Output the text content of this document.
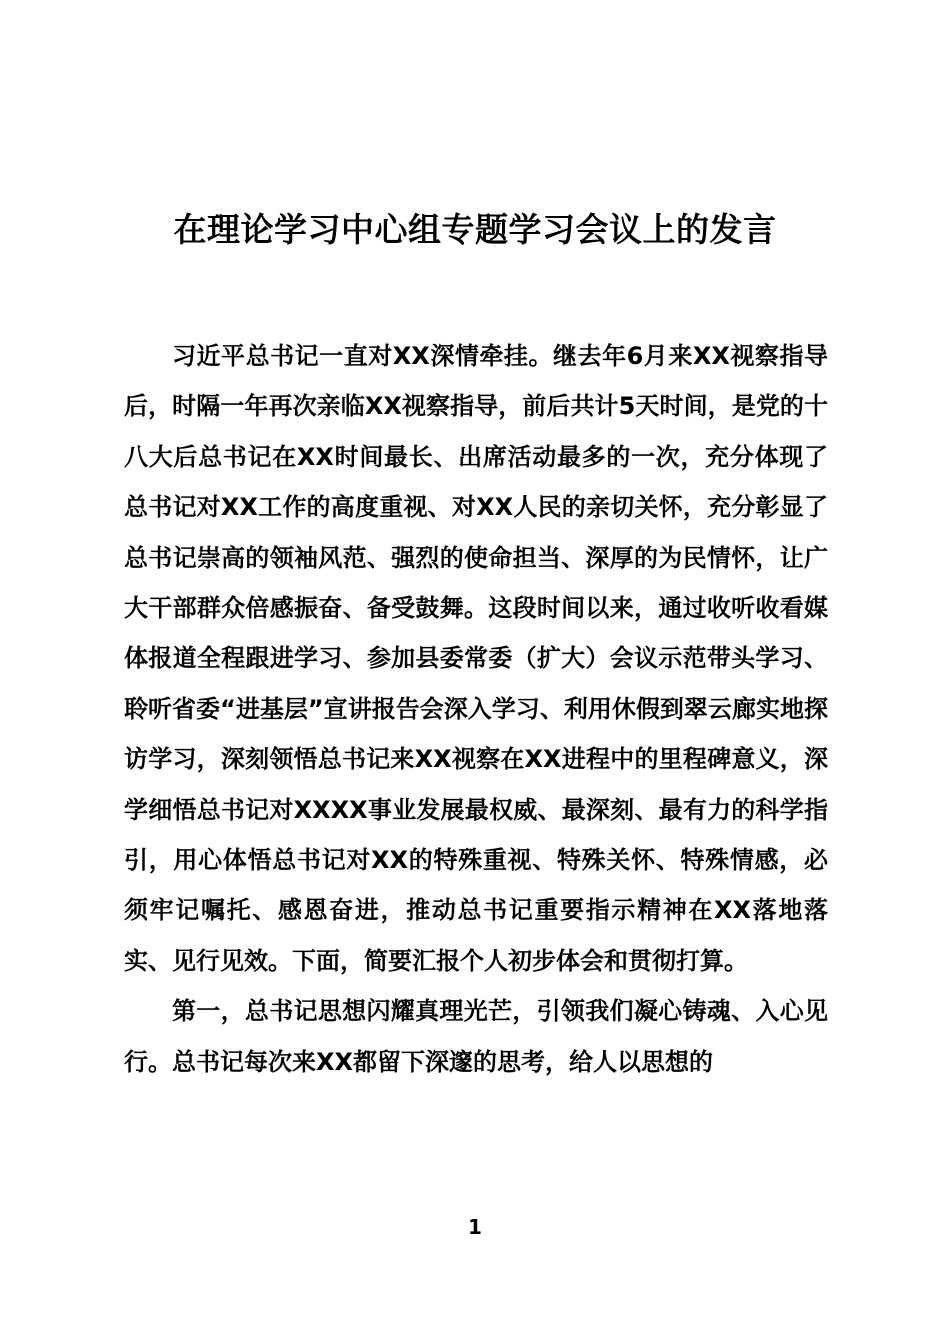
在理论学习中心组专题学习会议上的发言

习近平总书记一直对XX深情牵挂。继去年6月来XX视察指导后，时隔一年再次亲临XX视察指导，前后共计5天时间，是党的十八大后总书记在XX时间最长、出席活动最多的一次，充分体现了总书记对XX工作的高度重视、对XX人民的亲切关怀，充分彰显了总书记崇高的领袖风范、强烈的使命担当、深厚的为民情怀，让广大干部群众倍感振奋、备受鼓舞。这段时间以来，通过收听收看媒体报道全程跟进学习、参加县委常委（扩大）会议示范带头学习、聆听省委“进基层”宣讲报告会深入学习、利用休假到翠云廊实地探访学习，深刻领悟总书记来XX视察在XX进程中的里程碑意义，深学细悟总书记对XXXX事业发展最权威、最深刻、最有力的科学指引，用心体悟总书记对XX的特殊重视、特殊关怀、特殊情感，必须牢记嘱托、感恩奋进，推动总书记重要指示精神在XX落地落实、见行见效。下面，简要汇报个人初步体会和贯彻打算。

第一，总书记思想闪耀真理光芒，引领我们凝心铸魂、入心见行。总书记每次来XX都留下深邃的思考，给人以思想的

1
